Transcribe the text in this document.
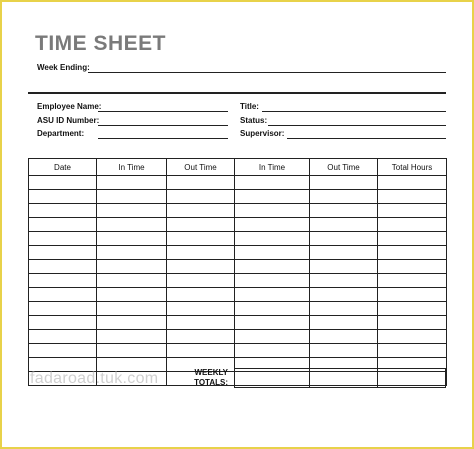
TIME SHEET
Week Ending:
Employee Name:	Title:
ASU ID Number:	Status:
Department:	Supervisor:
Date	In Time	Out Time	In Time	Out Time	Total Hours

WEEKLY
TOTALS:
fadaroad.tuk.com
